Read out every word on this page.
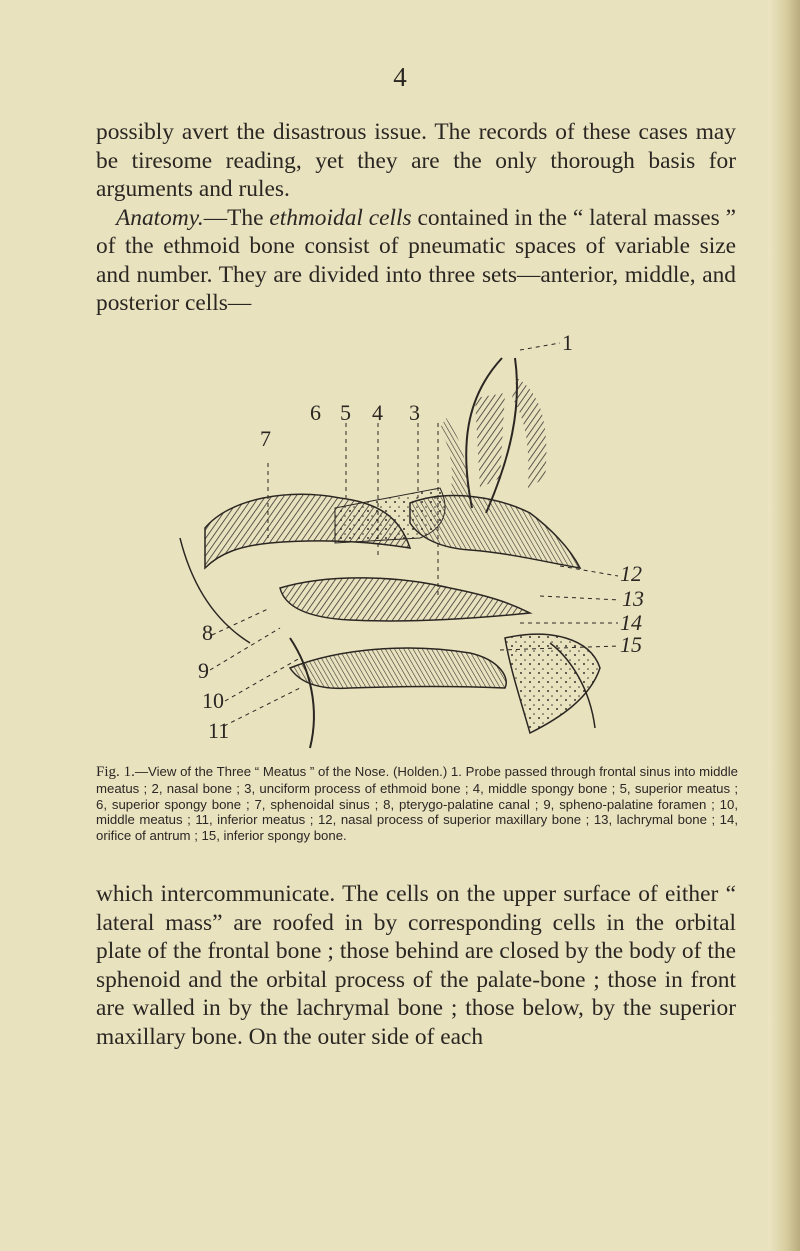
4

possibly avert the disastrous issue. The records of these cases may be tiresome reading, yet they are the only thorough basis for arguments and rules.
Anatomy.—The ethmoidal cells contained in the “ lateral masses ” of the ethmoid bone consist of pneumatic spaces of variable size and number. They are divided into three sets—anterior, middle, and posterior cells—

1
3
4
5
6
7
8
9
10
11
12
13
14
15

Fig. 1.—View of the Three “ Meatus ” of the Nose. (Holden.) 1. Probe passed through frontal sinus into middle meatus ; 2, nasal bone ; 3, unciform process of ethmoid bone ; 4, middle spongy bone ; 5, superior meatus ; 6, superior spongy bone ; 7, sphenoidal sinus ; 8, pterygo-palatine canal ; 9, spheno-palatine foramen ; 10, middle meatus ; 11, inferior meatus ; 12, nasal process of superior maxillary bone ; 13, lachrymal bone ; 14, orifice of antrum ; 15, inferior spongy bone.

which intercommunicate. The cells on the upper surface of either “ lateral mass” are roofed in by corresponding cells in the orbital plate of the frontal bone ; those behind are closed by the body of the sphenoid and the orbital process of the palate-bone ; those in front are walled in by the lachrymal bone ; those below, by the superior maxillary bone. On the outer side of each
